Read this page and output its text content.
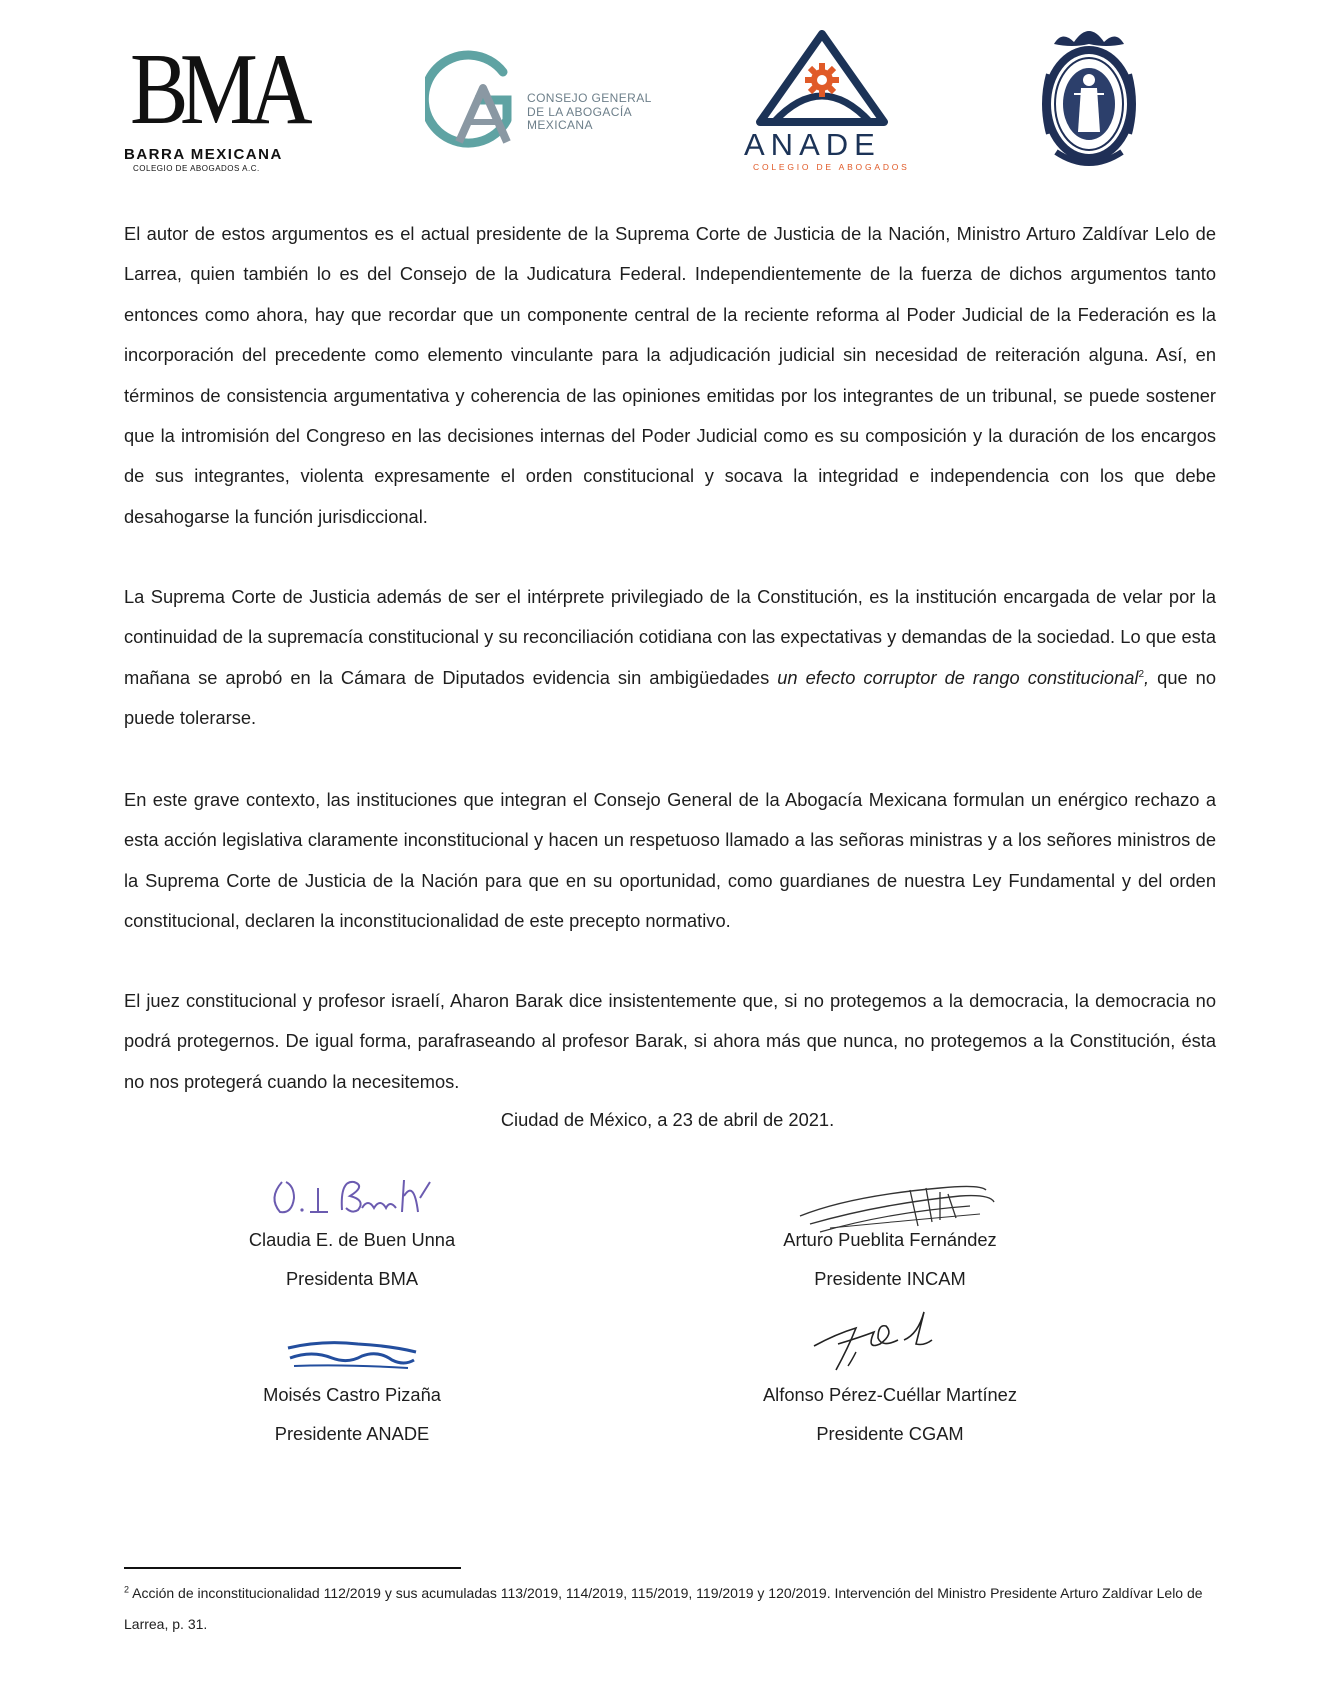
BMA
BARRA MEXICANA
COLEGIO DE ABOGADOS A.C.
CONSEJO GENERAL
DE LA ABOGACÍA
MEXICANA
ANADE
COLEGIO DE ABOGADOS
El autor de estos argumentos es el actual presidente de la Suprema Corte de Justicia de la Nación, Ministro Arturo Zaldívar Lelo de Larrea, quien también lo es del Consejo de la Judicatura Federal. Independientemente de la fuerza de dichos argumentos tanto entonces como ahora, hay que recordar que un componente central de la reciente reforma al Poder Judicial de la Federación es la incorporación del precedente como elemento vinculante para la adjudicación judicial sin necesidad de reiteración alguna. Así, en términos de consistencia argumentativa y coherencia de las opiniones emitidas por los integrantes de un tribunal, se puede sostener que la intromisión del Congreso en las decisiones internas del Poder Judicial como es su composición y la duración de los encargos de sus integrantes, violenta expresamente el orden constitucional y socava la integridad e independencia con los que debe desahogarse la función jurisdiccional.
La Suprema Corte de Justicia además de ser el intérprete privilegiado de la Constitución, es la institución encargada de velar por la continuidad de la supremacía constitucional y su reconciliación cotidiana con las expectativas y demandas de la sociedad. Lo que esta mañana se aprobó en la Cámara de Diputados evidencia sin ambigüedades un efecto corruptor de rango constitucional$^2$, que no puede tolerarse.
En este grave contexto, las instituciones que integran el Consejo General de la Abogacía Mexicana formulan un enérgico rechazo a esta acción legislativa claramente inconstitucional y hacen un respetuoso llamado a las señoras ministras y a los señores ministros de la Suprema Corte de Justicia de la Nación para que en su oportunidad, como guardianes de nuestra Ley Fundamental y del orden constitucional, declaren la inconstitucionalidad de este precepto normativo.
El juez constitucional y profesor israelí, Aharon Barak dice insistentemente que, si no protegemos a la democracia, la democracia no podrá protegernos. De igual forma, parafraseando al profesor Barak, si ahora más que nunca, no protegemos a la Constitución, ésta no nos protegerá cuando la necesitemos.
Ciudad de México, a 23 de abril de 2021.
Claudia E. de Buen Unna
Presidenta BMA
Arturo Pueblita Fernández
Presidente INCAM
Moisés Castro Pizaña
Presidente ANADE
Alfonso Pérez-Cuéllar Martínez
Presidente CGAM
$^2$ Acción de inconstitucionalidad 112/2019 y sus acumuladas 113/2019, 114/2019, 115/2019, 119/2019 y 120/2019. Intervención del Ministro Presidente Arturo Zaldívar Lelo de Larrea, p. 31.
